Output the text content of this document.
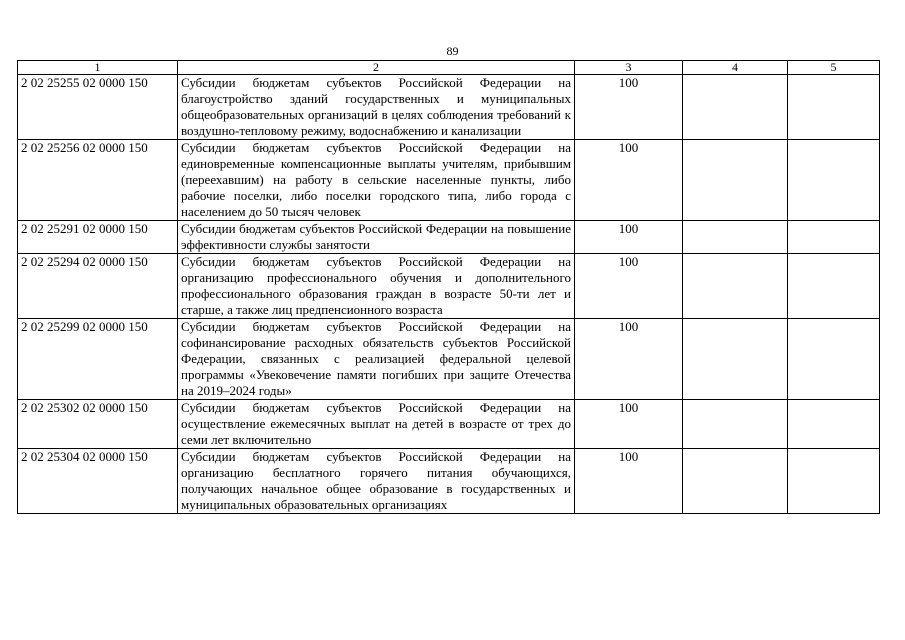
89
1	2	3	4	5
2 02 25255 02 0000 150	Субсидии бюджетам субъектов Российской Федерации на благоустройство зданий государственных и муниципальных общеобразовательных организаций в целях соблюдения требований к воздушно-тепловому режиму, водоснабжению и канализации	100		
2 02 25256 02 0000 150	Субсидии бюджетам субъектов Российской Федерации на единовременные компенсационные выплаты учителям, прибывшим (переехавшим) на работу в сельские населенные пункты, либо рабочие поселки, либо поселки городского типа, либо города с населением до 50 тысяч человек	100		
2 02 25291 02 0000 150	Субсидии бюджетам субъектов Российской Федерации на повышение эффективности службы занятости	100		
2 02 25294 02 0000 150	Субсидии бюджетам субъектов Российской Федерации на организацию профессионального обучения и дополнительного профессионального образования граждан в возрасте 50-ти лет и старше, а также лиц предпенсионного возраста	100		
2 02 25299 02 0000 150	Субсидии бюджетам субъектов Российской Федерации на софинансирование расходных обязательств субъектов Российской Федерации, связанных с реализацией федеральной целевой программы «Увековечение памяти погибших при защите Отечества на 2019–2024 годы»	100		
2 02 25302 02 0000 150	Субсидии бюджетам субъектов Российской Федерации на осуществление ежемесячных выплат на детей в возрасте от трех до семи лет включительно	100		
2 02 25304 02 0000 150	Субсидии бюджетам субъектов Российской Федерации на организацию бесплатного горячего питания обучающихся, получающих начальное общее образование в государственных и муниципальных образовательных организациях	100		
